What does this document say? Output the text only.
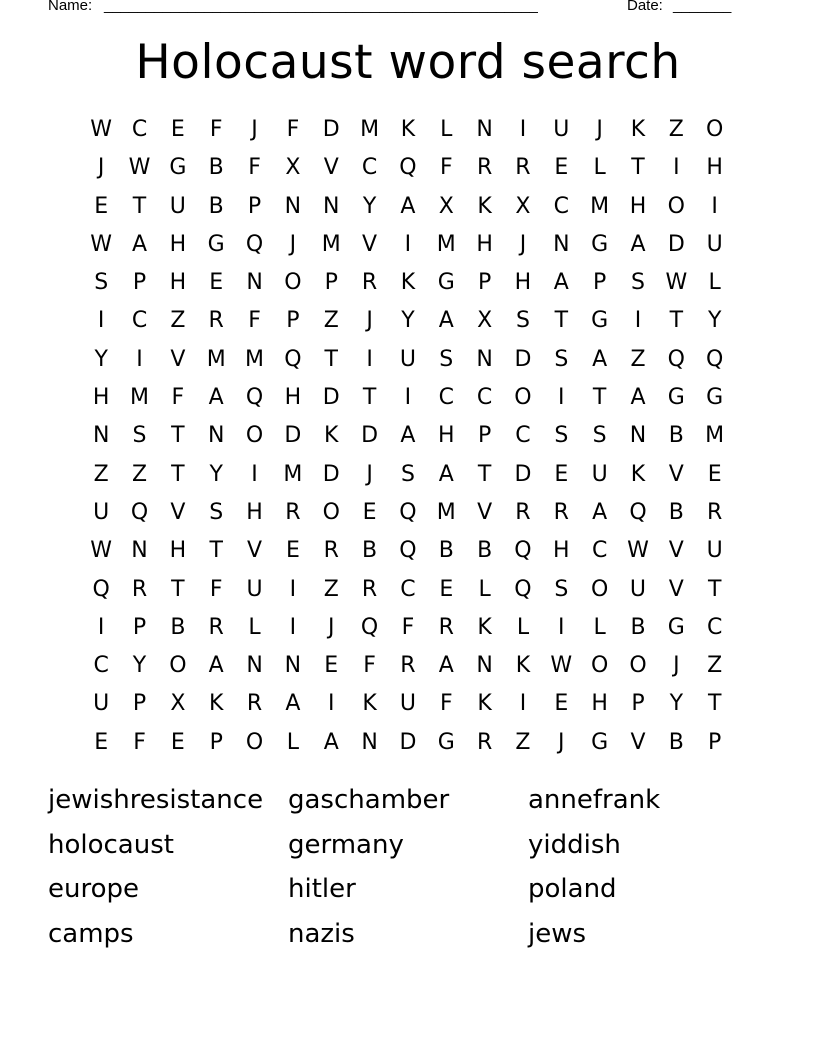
Name: ____________________________________________________	Date: _______
Holocaust word search
W C	E	F	J	F	D M K	L	N	I	U	J	K	Z	O
J	W G	B	F	X	V	C Q	F	R	R	E	L	T	I	H
E	T	U	B	P	N N	Y	A	X	K	X	C M H O	I
W A	H G Q	J	M V	I	M H	J	N G	A	D U
S	P	H	E	N O	P	R	K	G	P	H	A	P	S W L
I	C	Z	R	F	P	Z	J	Y	A	X	S	T	G	I	T	Y
Y	I	V M M Q	T	I	U	S	N D	S	A	Z	Q Q
H M	F	A	Q H D	T	I	C	C O	I	T	A	G G
N	S	T	N O D	K	D	A	H	P	C	S	S	N	B M
Z	Z	T	Y	I	M D	J	S	A	T	D	E	U	K	V	E
U Q	V	S	H	R	O	E	Q M V	R	R	A	Q	B	R
W N H	T	V	E	R	B	Q	B	B	Q H	C W V	U
Q	R	T	F	U	I	Z	R	C	E	L	Q	S	O U	V	T
I	P	B	R	L	I	J	Q	F	R	K	L	I	L	B	G	C
C	Y	O	A	N N	E	F	R	A	N	K W O O	J	Z
U	P	X	K	R	A	I	K	U	F	K	I	E	H	P	Y	T
E	F	E	P	O	L	A	N D G	R	Z	J	G	V	B	P
jewishresistance gaschamber	annefrank
holocaust	germany	yiddish
europe	hitler	poland
camps	nazis	jews
